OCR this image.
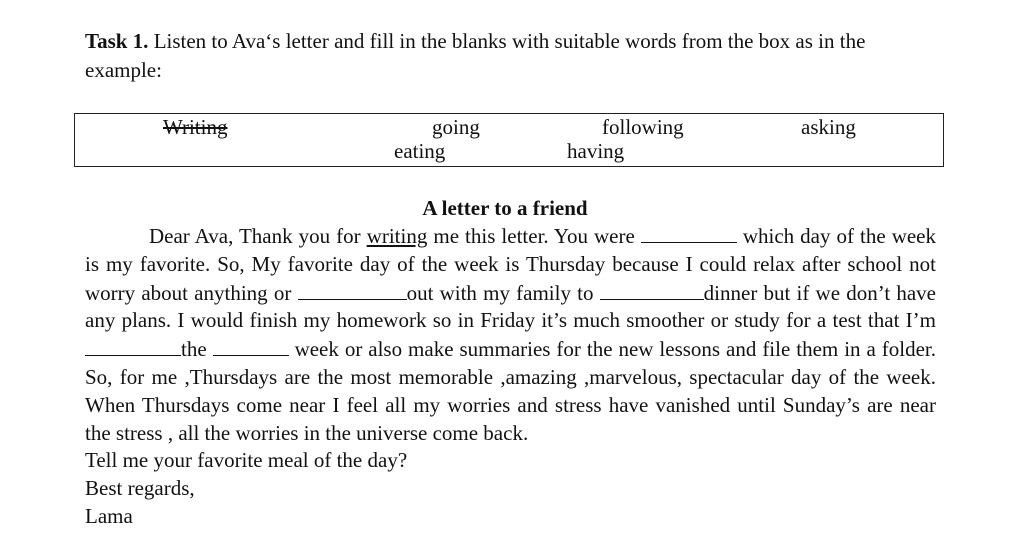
Task 1. Listen to Ava‘s letter and fill in the blanks with suitable words from the box as in the example:
Writing	going	following	asking
eating	having
A letter to a friend

Dear Ava, Thank you for writing me this letter. You were	which day of the week is my favorite. So, My favorite day of the week is Thursday because I could relax after school not worry about anything or	out with my family to	dinner but if we don’t have any plans. I would finish my homework so in Friday it’s much smoother or study for a test that I’m the	week or also make summaries for the new lessons and file them in a folder. So, for me ,Thursdays are the most memorable ,amazing ,marvelous, spectacular day of the week. When Thursdays come near I feel all my worries and stress have vanished until Sunday’s are near the stress , all the worries in the universe come back.

Tell me your favorite meal of the day?

Best regards,

Lama
